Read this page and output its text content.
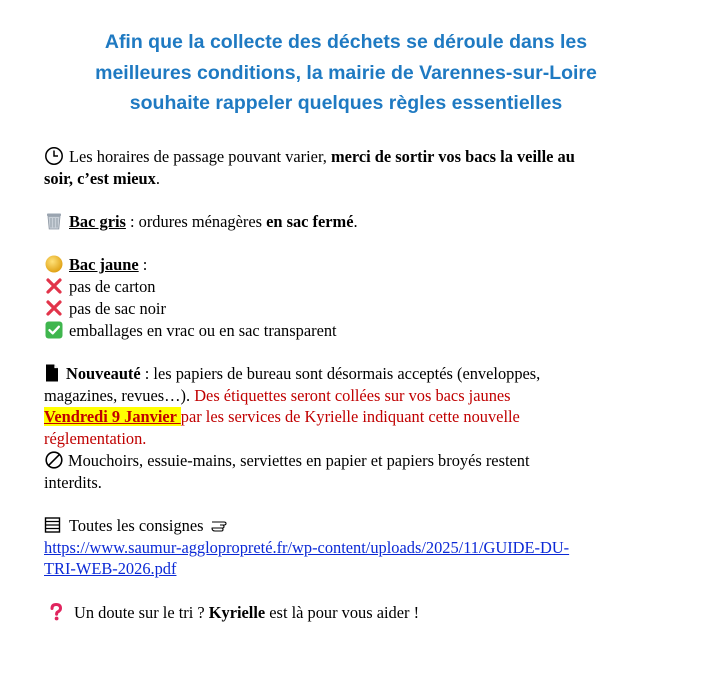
Afin que la collecte des déchets se déroule dans les
meilleures conditions, la mairie de Varennes-sur-Loire
souhaite rappeler quelques règles essentielles
Les horaires de passage pouvant varier, merci de sortir vos bacs la veille au
soir, c’est mieux.
Bac gris : ordures ménagères en sac fermé.
Bac jaune :
pas de carton
pas de sac noir
emballages en vrac ou en sac transparent
Nouveauté : les papiers de bureau sont désormais acceptés (enveloppes,
magazines, revues…). Des étiquettes seront collées sur vos bacs jaunes
Vendredi 9 Janvier par les services de Kyrielle indiquant cette nouvelle
réglementation.
Mouchoirs, essuie-mains, serviettes en papier et papiers broyés restent
interdits.
Toutes les consignes
https://www.saumur-agglopropreté.fr/wp-content/uploads/2025/11/GUIDE-DU-
TRI-WEB-2026.pdf
Un doute sur le tri ? Kyrielle est là pour vous aider !
